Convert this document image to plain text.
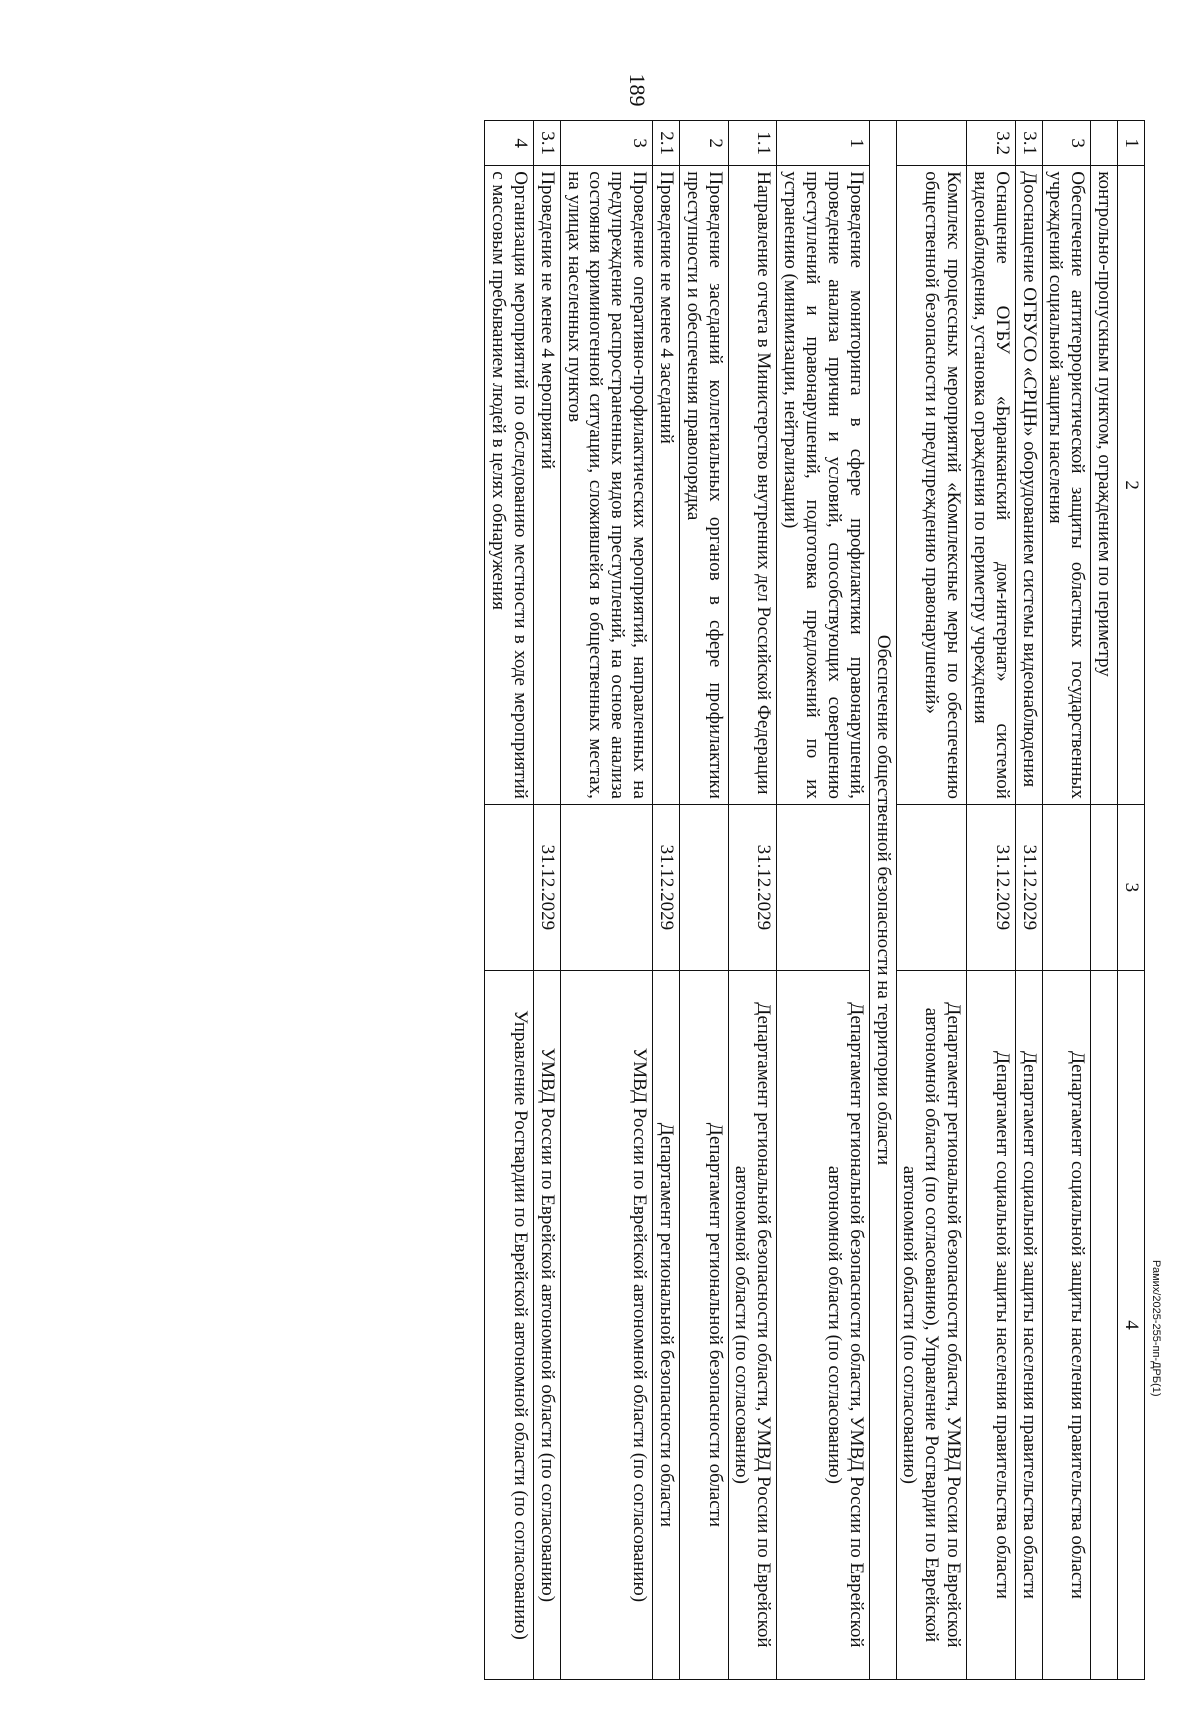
189
1	2	3	4
	контрольно-пропускным пунктом, ограждением по периметру		
3	Обеспечение антитеррористической защиты областных государственных учреждений социальной защиты населения		Департамент социальной защиты населения правительства области
3.1	Дооснащение ОГБУСО «СРЦН» оборудованием системы видеонаблюдения	31.12.2029	Департамент социальной защиты населения правительства области
3.2	Оснащение ОГБУ «Биранканский дом-интернат» системой видеонаблюдения, установка ограждения по периметру учреждения	31.12.2029	Департамент социальной защиты населения правительства области
	Комплекс процессных мероприятий «Комплексные меры по обеспечению общественной безопасности и предупреждению правонарушений»		Департамент региональной безопасности области, УМВД России по Еврейской автономной области (по согласованию), Управление Росгвардии по Еврейской автономной области (по согласованию)
Обеспечение общественной безопасности на территории области			
1	Проведение мониторинга в сфере профилактики правонарушений, проведение анализа причин и условий, способствующих совершению преступлений и правонарушений, подготовка предложений по их устранению (минимизации, нейтрализации)		Департамент региональной безопасности области, УМВД России по Еврейской автономной области (по согласованию)
1.1	Направление отчета в Министерство внутренних дел Российской Федерации	31.12.2029	Департамент региональной безопасности области, УМВД России по Еврейской автономной области (по согласованию)
2	Проведение заседаний коллегиальных органов в сфере профилактики преступности и обеспечения правопорядка		Департамент региональной безопасности области
2.1	Проведение не менее 4 заседаний	31.12.2029	Департамент региональной безопасности области
3	Проведение оперативно-профилактических мероприятий, направленных на предупреждение распространенных видов преступлений, на основе анализа состояния криминогенной ситуации, сложившейся в общественных местах, на улицах населенных пунктов		УМВД России по Еврейской автономной области (по согласованию)
3.1	Проведение не менее 4 мероприятий	31.12.2029	УМВД России по Еврейской автономной области (по согласованию)
4	Организация мероприятий по обследованию местности в ходе мероприятий с массовым пребыванием людей в целях обнаружения		Управление Росгвардии по Еврейской автономной области (по согласованию)	Рамих/2025-255-пп-ДРБ(1)
